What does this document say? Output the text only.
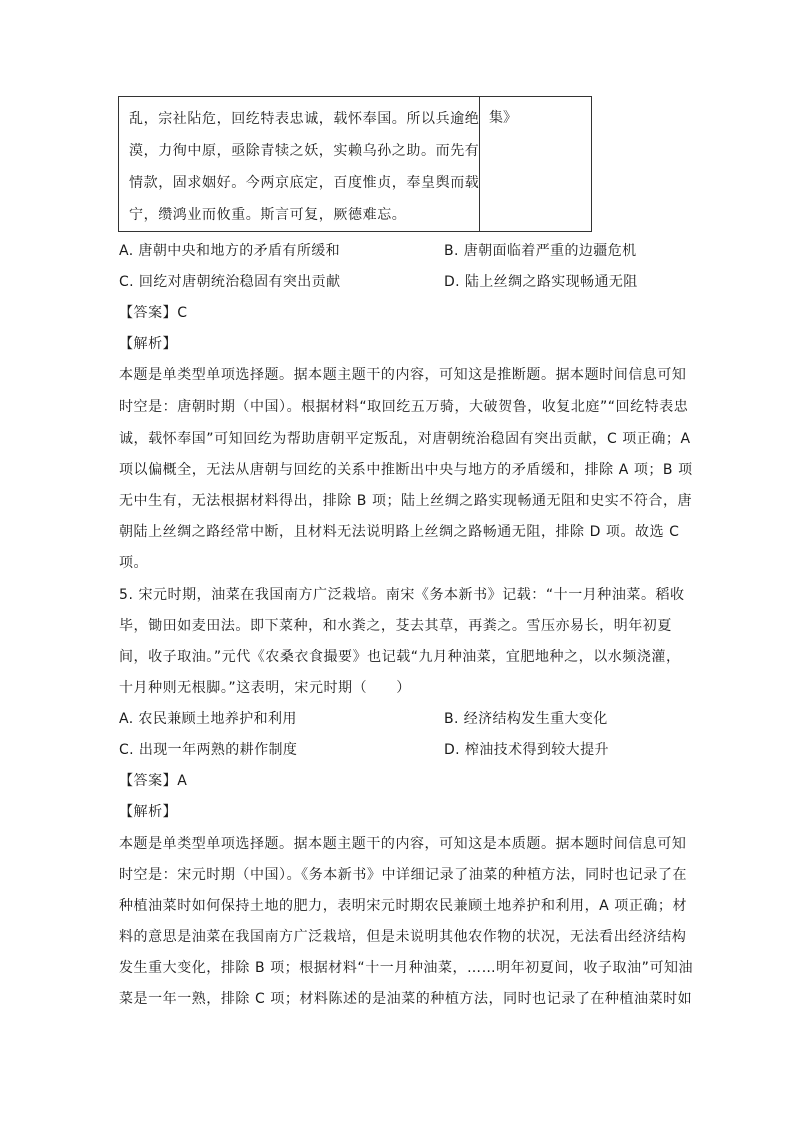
乱，宗社阽危，回纥特表忠诚，载怀奉国。所以兵逾绝
漠，力徇中原，亟除青犊之妖，实赖乌孙之助。而先有
情款，固求姻好。今两京底定，百度惟贞，奉皇舆而载
宁，缵鸿业而攸重。斯言可复，厥德难忘。
集》
A. 唐朝中央和地方的矛盾有所缓和	B. 唐朝面临着严重的边疆危机
C. 回纥对唐朝统治稳固有突出贡献	D. 陆上丝绸之路实现畅通无阻
【答案】C
【解析】
本题是单类型单项选择题。据本题主题干的内容，可知这是推断题。据本题时间信息可知
时空是：唐朝时期（中国）。根据材料“取回纥五万骑，大破贺鲁，收复北庭”“回纥特表忠
诚，载怀奉国”可知回纥为帮助唐朝平定叛乱，对唐朝统治稳固有突出贡献，C 项正确；A
项以偏概全，无法从唐朝与回纥的关系中推断出中央与地方的矛盾缓和，排除 A 项；B 项
无中生有，无法根据材料得出，排除 B 项；陆上丝绸之路实现畅通无阻和史实不符合，唐
朝陆上丝绸之路经常中断，且材料无法说明路上丝绸之路畅通无阻，排除 D 项。故选 C
项。
5. 宋元时期，油菜在我国南方广泛栽培。南宋《务本新书》记载：“十一月种油菜。稻收
毕，锄田如麦田法。即下菜种，和水粪之，芟去其草，再粪之。雪压亦易长，明年初夏
间，收子取油。”元代《农桑衣食撮要》也记载“九月种油菜，宜肥地种之，以水频浇灌，
十月种则无根脚。”这表明，宋元时期（　　）
A. 农民兼顾土地养护和利用	B. 经济结构发生重大变化
C. 出现一年两熟的耕作制度	D. 榨油技术得到较大提升
【答案】A
【解析】
本题是单类型单项选择题。据本题主题干的内容，可知这是本质题。据本题时间信息可知
时空是：宋元时期（中国）。《务本新书》中详细记录了油菜的种植方法，同时也记录了在
种植油菜时如何保持土地的肥力，表明宋元时期农民兼顾土地养护和利用，A 项正确；材
料的意思是油菜在我国南方广泛栽培，但是未说明其他农作物的状况，无法看出经济结构
发生重大变化，排除 B 项；根据材料“十一月种油菜，……明年初夏间，收子取油”可知油
菜是一年一熟，排除 C 项；材料陈述的是油菜的种植方法，同时也记录了在种植油菜时如
